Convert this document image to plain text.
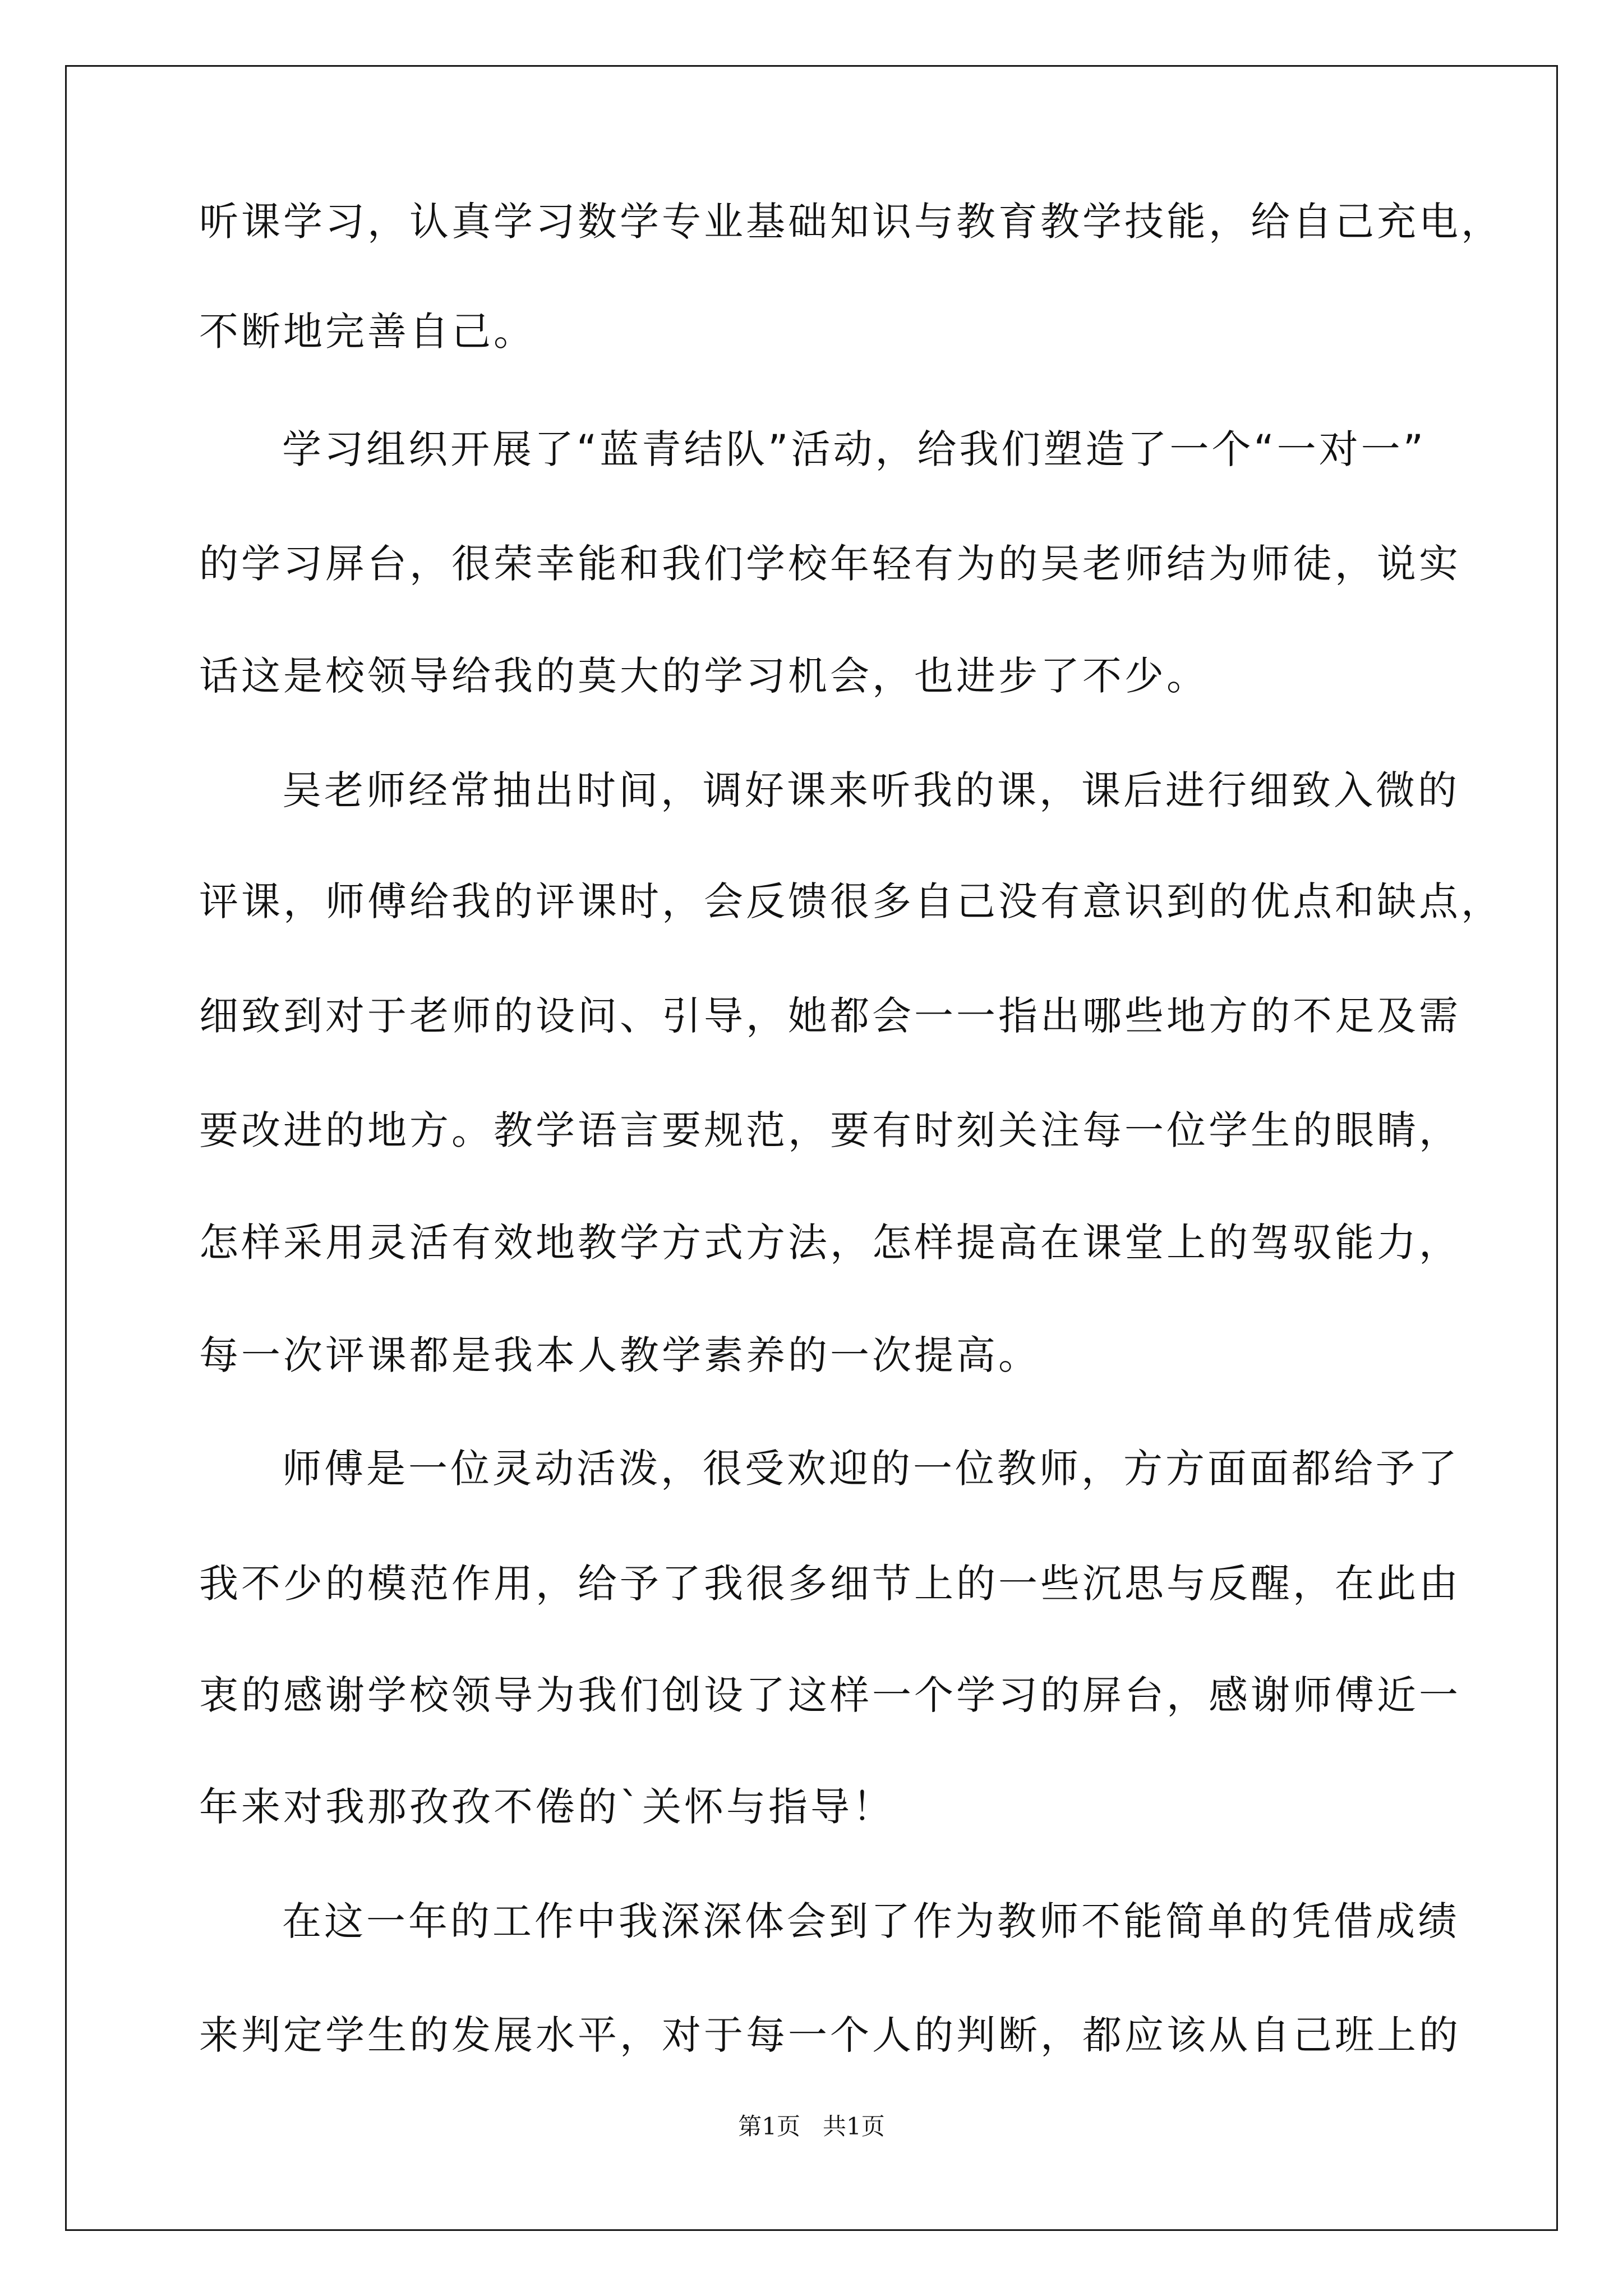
听课学习，认真学习数学专业基础知识与教育教学技能，给自己充电，
不断地完善自己。
学习组织开展了“蓝青结队”活动，给我们塑造了一个“一对一”
的学习屏台，很荣幸能和我们学校年轻有为的吴老师结为师徒，说实
话这是校领导给我的莫大的学习机会，也进步了不少。
吴老师经常抽出时间，调好课来听我的课，课后进行细致入微的
评课，师傅给我的评课时，会反馈很多自己没有意识到的优点和缺点，
细致到对于老师的设问、引导，她都会一一指出哪些地方的不足及需
要改进的地方。教学语言要规范，要有时刻关注每一位学生的眼睛，
怎样采用灵活有效地教学方式方法，怎样提高在课堂上的驾驭能力，
每一次评课都是我本人教学素养的一次提高。
师傅是一位灵动活泼，很受欢迎的一位教师，方方面面都给予了
我不少的模范作用，给予了我很多细节上的一些沉思与反醒，在此由
衷的感谢学校领导为我们创设了这样一个学习的屏台，感谢师傅近一
年来对我那孜孜不倦的`关怀与指导！
在这一年的工作中我深深体会到了作为教师不能简单的凭借成绩
来判定学生的发展水平，对于每一个人的判断，都应该从自己班上的
第1页   共1页
